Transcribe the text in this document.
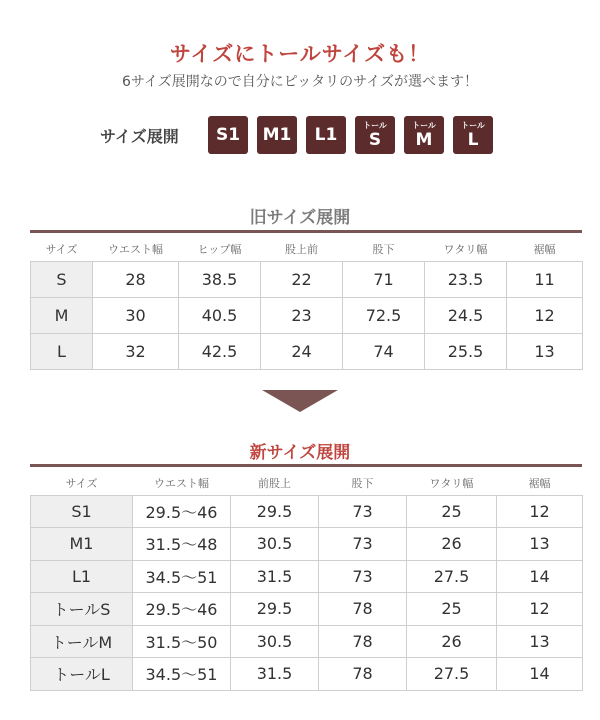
サイズにトールサイズも！
6サイズ展開なので自分にピッタリのサイズが選べます！
サイズ展開	S1 M1 L1	トール
S
トール
M
トール
L
旧サイズ展開
サイズ	ウエスト幅	ヒップ幅	股上前	股下	ワタリ幅	裾幅
S	28	38.5	22	71	23.5	11
M	30	40.5	23	72.5	24.5	12
L	32	42.5	24	74	25.5	13
新サイズ展開
サイズ	ウエスト幅	前股上	股下	ワタリ幅	裾幅
S1	29.5〜46	29.5	73	25	12
M1	31.5〜48	30.5	73	26	13
L1	34.5〜51	31.5	73	27.5	14
トールS	29.5〜46	29.5	78	25	12
トールM	31.5〜50	30.5	78	26	13
トールL	34.5〜51	31.5	78	27.5	14
